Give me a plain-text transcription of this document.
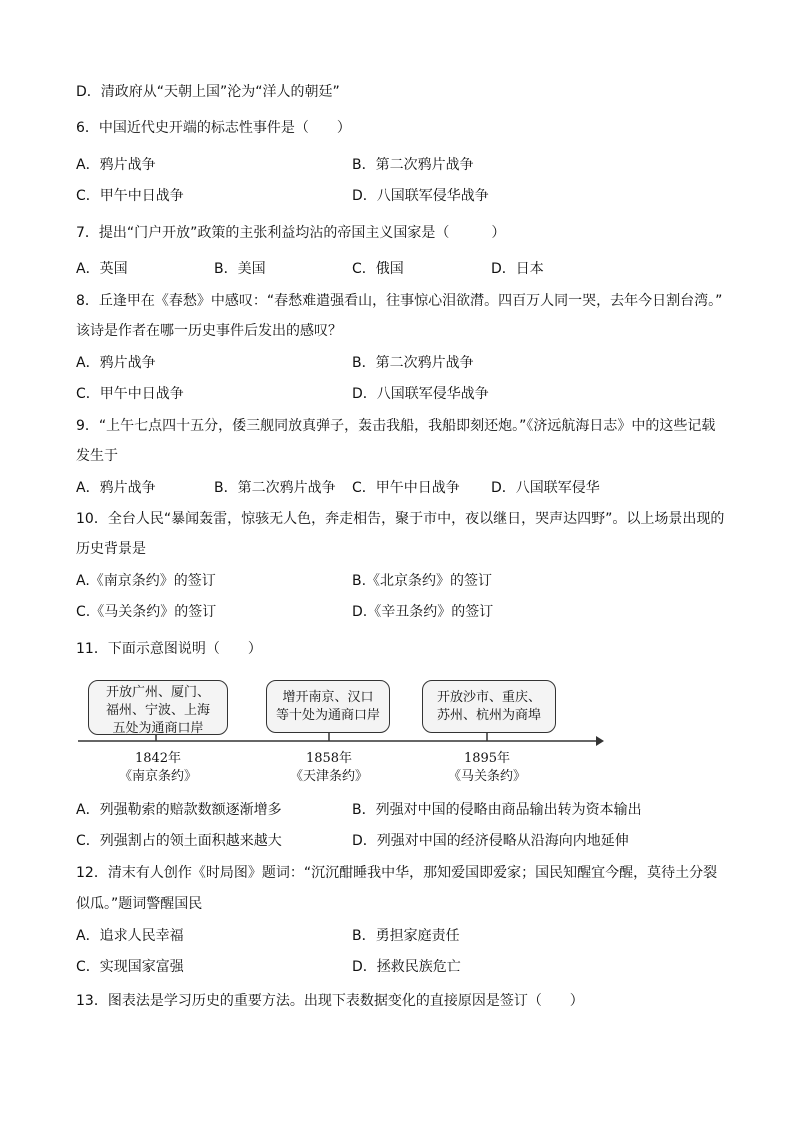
D．清政府从“天朝上国”沦为“洋人的朝廷”
6．中国近代史开端的标志性事件是（　　）
A．鸦片战争	B．第二次鸦片战争
C．甲午中日战争	D．八国联军侵华战争
7．提出“门户开放”政策的主张利益均沾的帝国主义国家是（　　　）
A．英国	B．美国	C．俄国	D．日本
8．丘逢甲在《春愁》中感叹：“春愁难遣强看山，往事惊心泪欲潸。四百万人同一哭，去年今日割台湾。”
该诗是作者在哪一历史事件后发出的感叹？
A．鸦片战争	B．第二次鸦片战争
C．甲午中日战争	D．八国联军侵华战争
9．“上午七点四十五分，倭三舰同放真弹子，轰击我船，我船即刻还炮。”《济远航海日志》中的这些记载
发生于
A．鸦片战争	B．第二次鸦片战争 C．甲午中日战争 D．八国联军侵华
10．全台人民“暴闻轰雷，惊骇无人色，奔走相告，聚于市中，夜以继日，哭声达四野”。以上场景出现的
历史背景是
A.《南京条约》的签订	B.《北京条约》的签订
C.《马关条约》的签订	D.《辛丑条约》的签订
11．下面示意图说明（　　）
开放广州、厦门、
福州、宁波、上海
五处为通商口岸
增开南京、汉口
等十处为通商口岸
开放沙市、重庆、
苏州、杭州为商埠
1842年	1858年	1895年
《南京条约》	《天津条约》	《马关条约》
A．列强勒索的赔款数额逐渐增多	B．列强对中国的侵略由商品输出转为资本输出
C．列强割占的领土面积越来越大	D．列强对中国的经济侵略从沿海向内地延伸
12．清末有人创作《时局图》题词：“沉沉酣睡我中华，那知爱国即爱家；国民知醒宜今醒，莫待土分裂
似瓜。”题词警醒国民
A．追求人民幸福	B．勇担家庭责任
C．实现国家富强	D．拯救民族危亡
13．图表法是学习历史的重要方法。出现下表数据变化的直接原因是签订（　　）
